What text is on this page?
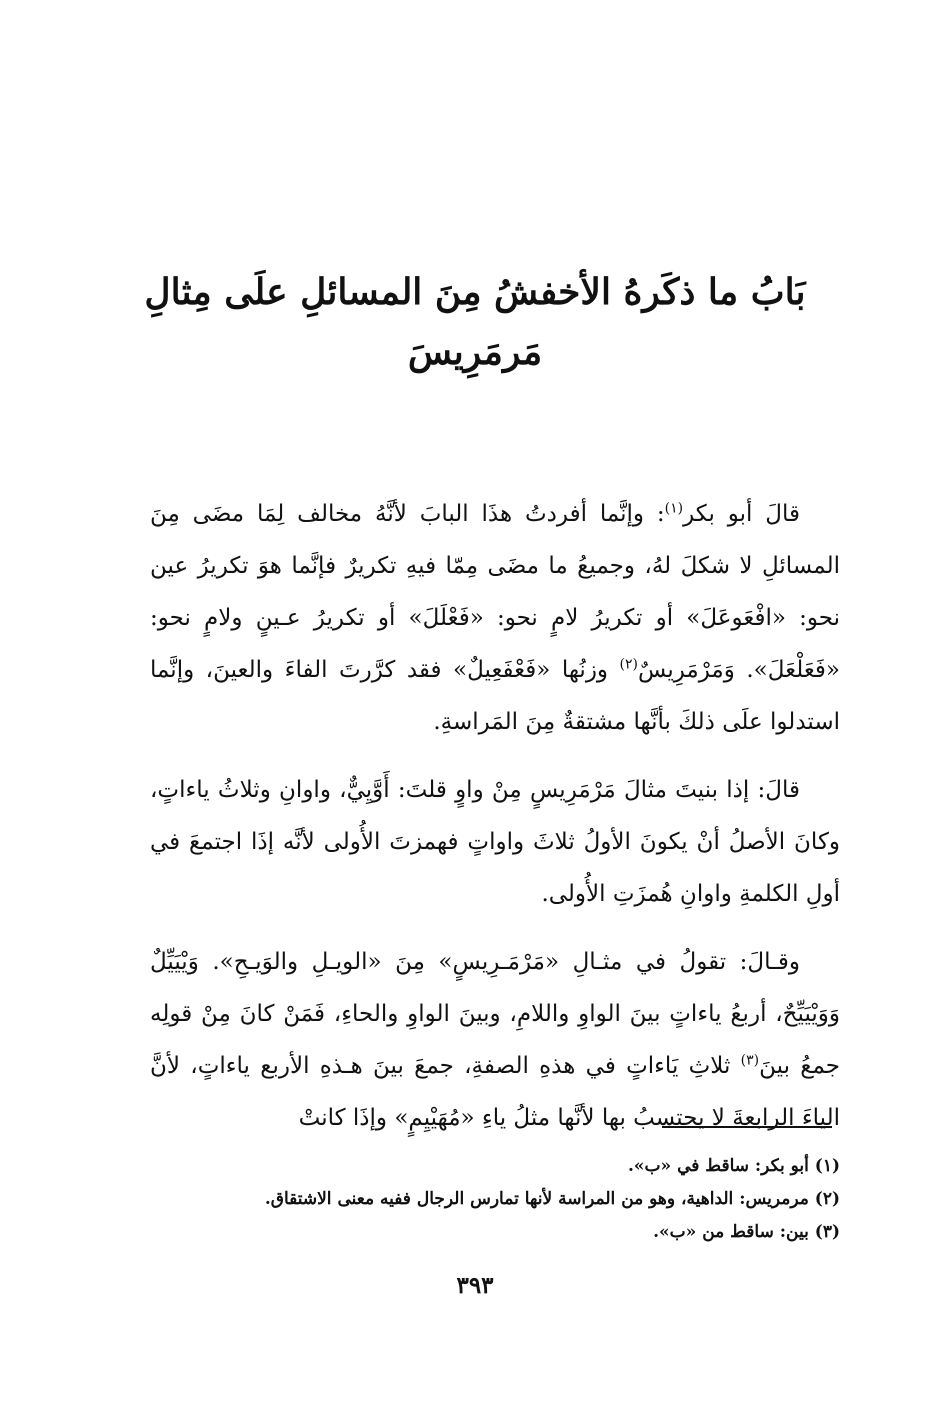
بَابُ ما ذكَرهُ الأخفشُ مِنَ المسائلِ علَى مِثالِ مَرمَرِيسَ

قالَ أبو بكر$^{(١)}$: وإنَّما أفردتُ هذَا البابَ لأنَّهُ مخالف لِمَا مضَى مِنَ المسائلِ لا شكلَ لهُ، وجميعُ ما مضَى مِمّا فيهِ تكريرٌ فإنَّما هوَ تكريرُ عين نحو: «افْعَوعَلَ» أو تكريرُ لامٍ نحو: «فَعْلَلَ» أو تكريرُ عـينٍ ولامٍ نحو: «فَعَلْعَلَ». وَمَرْمَرِيسٌ$^{(٢)}$ وزنُها «فَعْفَعِيلٌ» فقد كرَّرتَ الفاءَ والعينَ، وإنَّما استدلوا علَى ذلكَ بأنَّها مشتقةٌ مِنَ المَراسةِ.

قالَ: إذا بنيتَ مثالَ مَرْمَرِيسٍ مِنْ واوٍ قلتَ: أَوَّيِيٌّ، واوانِ وثلاثُ ياءاتٍ، وكانَ الأصلُ أنْ يكونَ الأولُ ثلاثَ واواتٍ فهمزتَ الأُولى لأنَّه إذَا اجتمعَ في أولِ الكلمةِ واوانِ هُمزَتِ الأُولى.

وقـالَ: تقولُ في مثـالِ «مَرْمَـرِيسٍ» مِنَ «الويـلِ والوَيـحِ». وَيْيَيِّلٌ وَوَيْيَيِّحٌ، أربعُ ياءاتٍ بينَ الواوِ واللامِ، وبينَ الواوِ والحاءِ، فَمَنْ كانَ مِنْ قولِه جمعُ بينَ$^{(٣)}$ ثلاثِ يَاءاتٍ في هذهِ الصفةِ، جمعَ بينَ هـذهِ الأربع ياءاتٍ، لأنَّ الياءَ الرابعةَ لا يحتسبُ بها لأنَّها مثلُ ياءِ «مُهَيْيِمٍ» وإذَا كانتْ

(١) أبو بكر: ساقط في «ب».
(٢) مرمريس: الداهية، وهو من المراسة لأنها تمارس الرجال ففيه معنى الاشتقاق.
(٣) بين: ساقط من «ب».
٣٩٣
